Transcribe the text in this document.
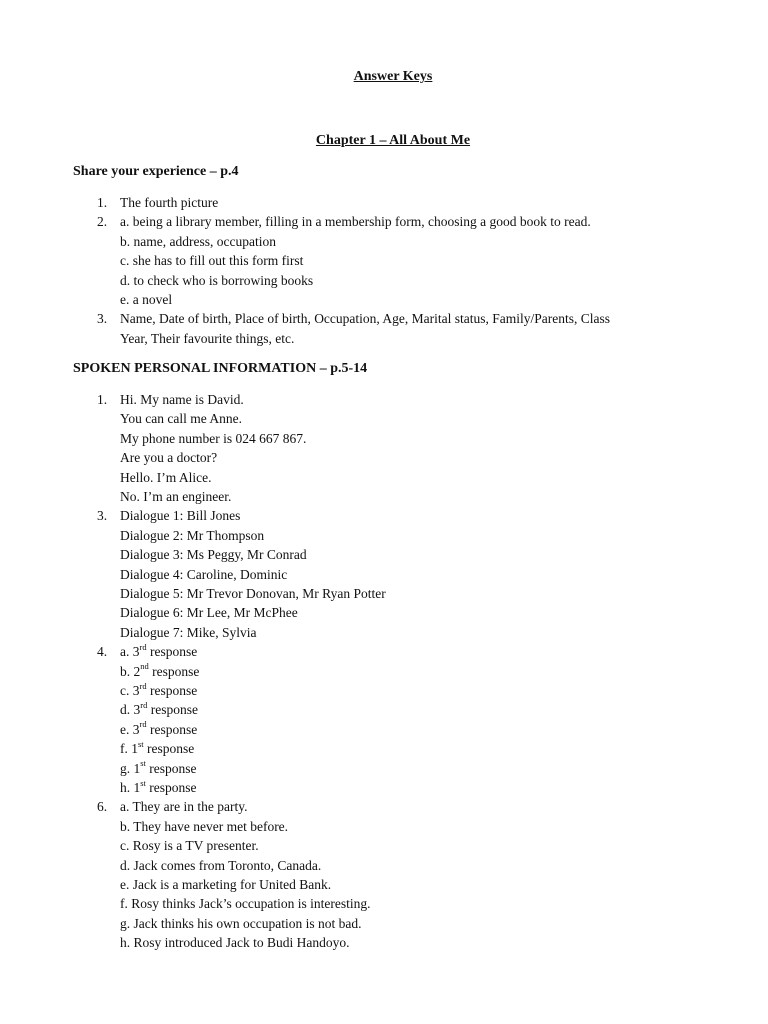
Answer Keys
Chapter 1 – All About Me
Share your experience – p.4
1. The fourth picture
2. a. being a library member, filling in a membership form, choosing a good book to read.
b. name, address, occupation
c. she has to fill out this form first
d. to check who is borrowing books
e. a novel
3. Name, Date of birth, Place of birth, Occupation, Age, Marital status, Family/Parents, Class
Year, Their favourite things, etc.
SPOKEN PERSONAL INFORMATION – p.5-14
1. Hi. My name is David.
You can call me Anne.
My phone number is 024 667 867.
Are you a doctor?
Hello. I’m Alice.
No. I’m an engineer.
3. Dialogue 1: Bill Jones
Dialogue 2: Mr Thompson
Dialogue 3: Ms Peggy, Mr Conrad
Dialogue 4: Caroline, Dominic
Dialogue 5: Mr Trevor Donovan, Mr Ryan Potter
Dialogue 6: Mr Lee, Mr McPhee
Dialogue 7: Mike, Sylvia
4. a. 3rd response
b. 2nd response
c. 3rd response
d. 3rd response
e. 3rd response
f. 1st response
g. 1st response
h. 1st response
6. a. They are in the party.
b. They have never met before.
c. Rosy is a TV presenter.
d. Jack comes from Toronto, Canada.
e. Jack is a marketing for United Bank.
f. Rosy thinks Jack’s occupation is interesting.
g. Jack thinks his own occupation is not bad.
h. Rosy introduced Jack to Budi Handoyo.
